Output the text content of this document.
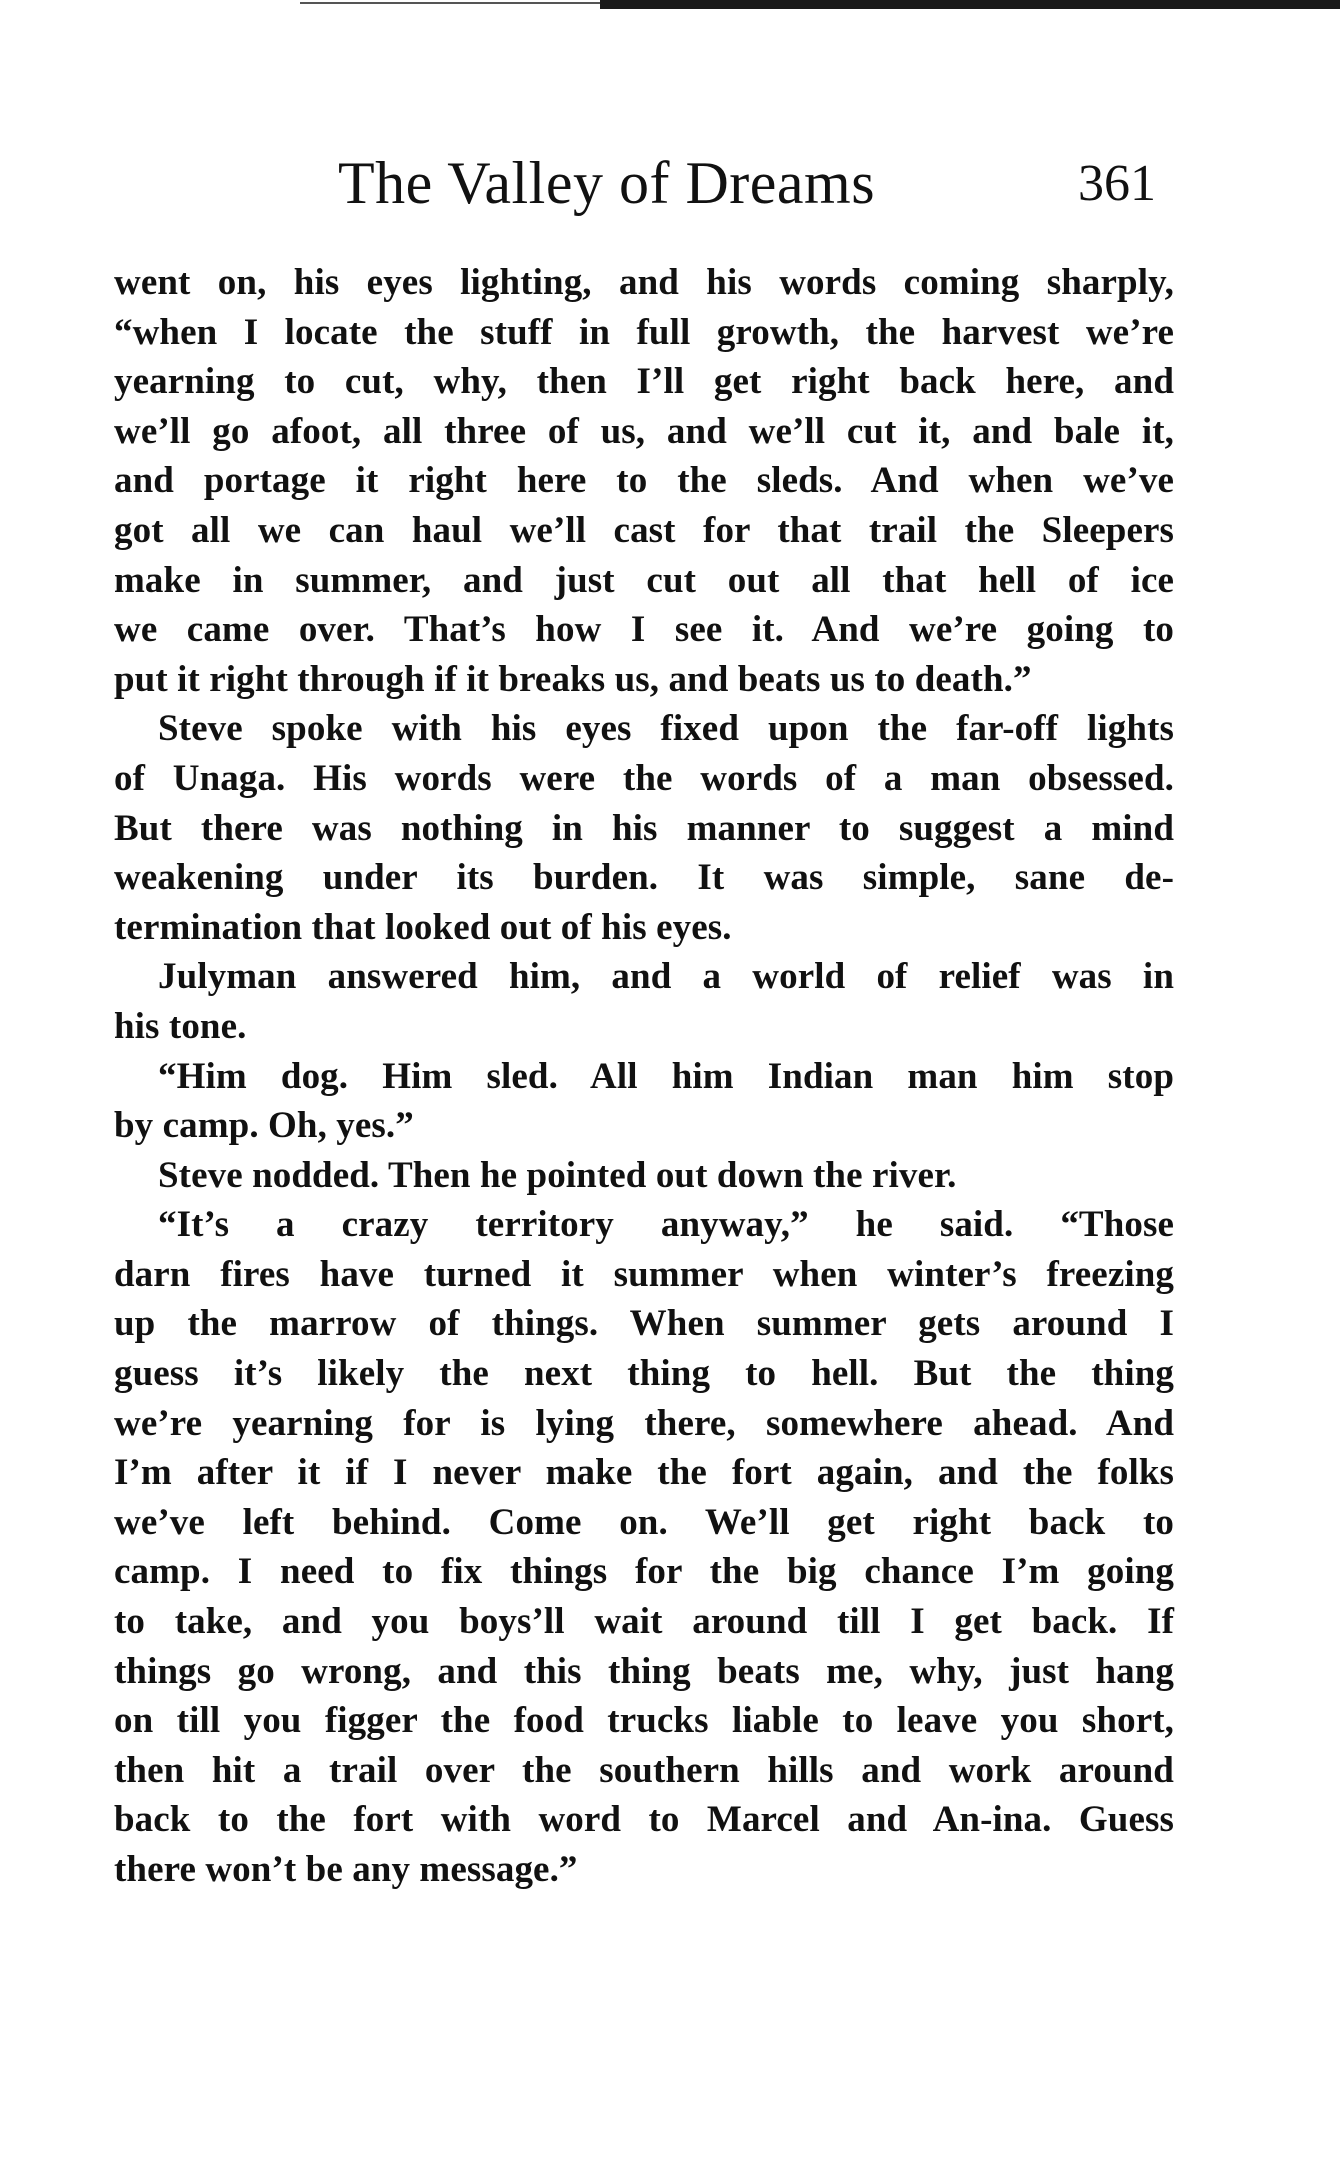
The Valley of Dreams	361
went on, his eyes lighting, and his words coming sharply,
“when I locate the stuff in full growth, the harvest we’re
yearning to cut, why, then I’ll get right back here, and
we’ll go afoot, all three of us, and we’ll cut it, and bale it,
and portage it right here to the sleds. And when we’ve
got all we can haul we’ll cast for that trail the Sleepers
make in summer, and just cut out all that hell of ice
we came over. That’s how I see it. And we’re going to
put it right through if it breaks us, and beats us to death.”
Steve spoke with his eyes fixed upon the far-off lights
of Unaga. His words were the words of a man obsessed.
But there was nothing in his manner to suggest a mind
weakening under its burden. It was simple, sane de-
termination that looked out of his eyes.
Julyman answered him, and a world of relief was in
his tone.
“Him dog. Him sled. All him Indian man him stop
by camp. Oh, yes.”
Steve nodded. Then he pointed out down the river.
“It’s a crazy territory anyway,” he said. “Those
darn fires have turned it summer when winter’s freezing
up the marrow of things. When summer gets around I
guess it’s likely the next thing to hell. But the thing
we’re yearning for is lying there, somewhere ahead. And
I’m after it if I never make the fort again, and the folks
we’ve left behind. Come on. We’ll get right back to
camp. I need to fix things for the big chance I’m going
to take, and you boys’ll wait around till I get back. If
things go wrong, and this thing beats me, why, just hang
on till you figger the food trucks liable to leave you short,
then hit a trail over the southern hills and work around
back to the fort with word to Marcel and An-ina. Guess
there won’t be any message.”
